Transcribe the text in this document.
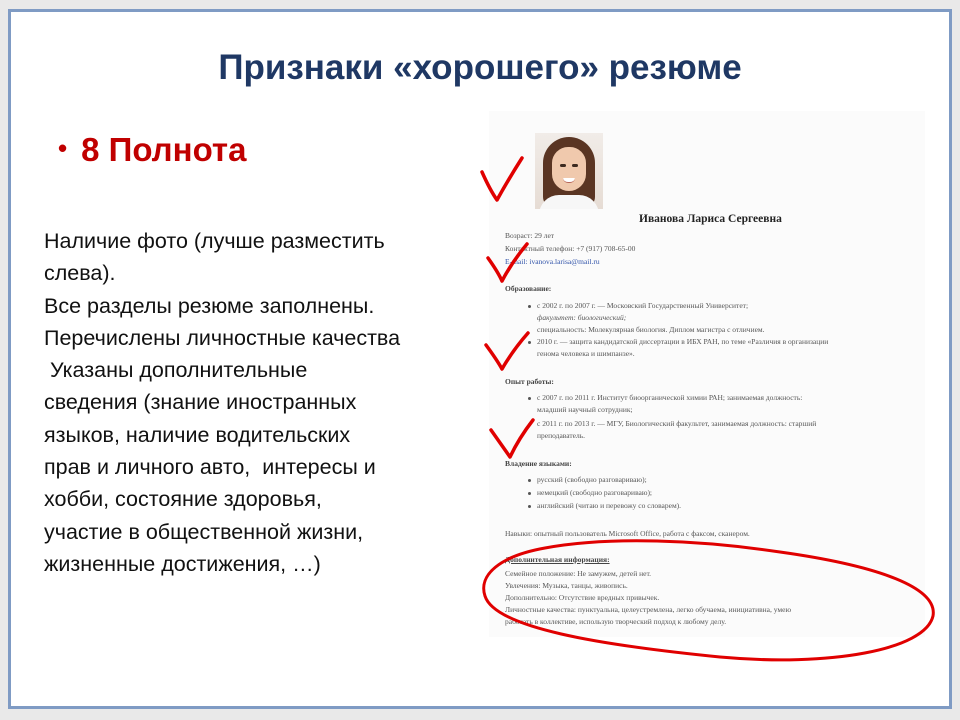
Признаки «хорошего» резюме
• 8 Полнота
Наличие фото (лучше разместить
слева).
Все разделы резюме заполнены.
Перечислены личностные качества
Указаны дополнительные
сведения (знание иностранных
языков, наличие водительских
прав и личного авто,  интересы и
хобби, состояние здоровья,
участие в общественной жизни,
жизненные достижения, …)
Иванова Лариса Сергеевна
Возраст: 29 лет
Контактный телефон: +7 (917) 708-65-00
E-mail: ivanova.larisa@mail.ru
Образование:
с 2002 г. по 2007 г. — Московский Государственный Университет;
факультет: биологический;
специальность: Молекулярная биология. Диплом магистра с отличием.
2010 г. — защита кандидатской диссертации в ИБХ РАН, по теме «Различия в организации
генома человека и шимпанзе».
Опыт работы:
с 2007 г. по 2011 г. Институт биоорганической химии РАН; занимаемая должность:
младший научный сотрудник;
с 2011 г. по 2013 г. — МГУ, Биологический факультет, занимаемая должность: старший
преподаватель.
Владение языками:
русский (свободно разговариваю);
немецкий (свободно разговариваю);
английский (читаю и перевожу со словарем).
Навыки: опытный пользователь Microsoft Office, работа с факсом, сканером.
Дополнительная информация:
Семейное положение: Не замужем, детей нет.
Увлечения: Музыка, танцы, живопись.
Дополнительно: Отсутствие вредных привычек.
Личностные качества: пунктуальна, целеустремлена, легко обучаема, инициативна, умею
работать в коллективе, использую творческий подход к любому делу.
